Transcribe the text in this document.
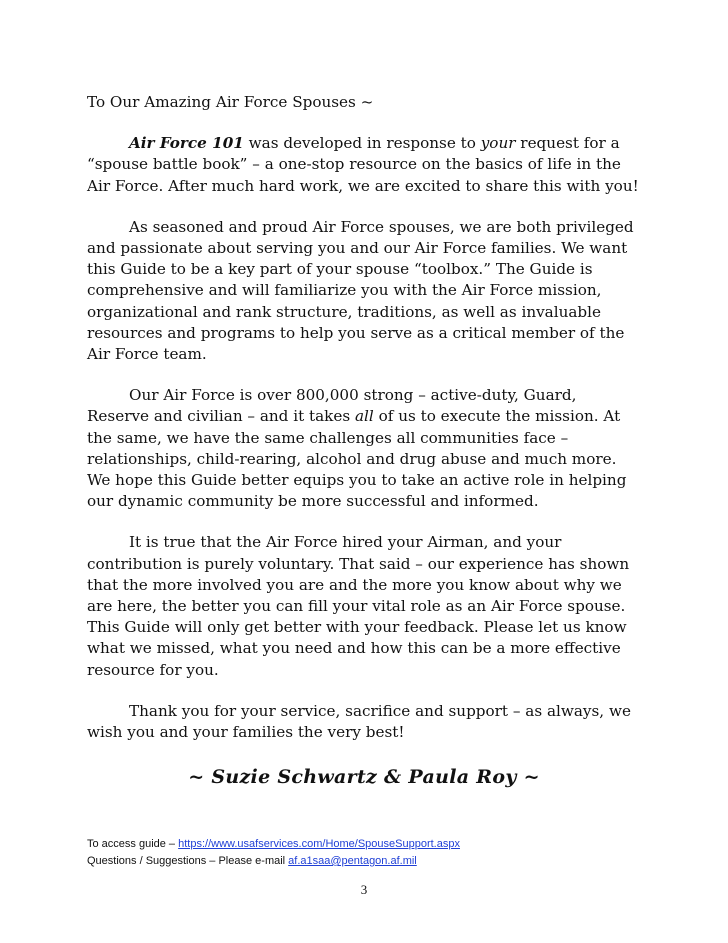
To Our Amazing Air Force Spouses ~

Air Force 101 was developed in response to your request for a “spouse battle book” – a one-stop resource on the basics of life in the Air Force. After much hard work, we are excited to share this with you!

As seasoned and proud Air Force spouses, we are both privileged and passionate about serving you and our Air Force families. We want this Guide to be a key part of your spouse “toolbox.” The Guide is comprehensive and will familiarize you with the Air Force mission, organizational and rank structure, traditions, as well as invaluable resources and programs to help you serve as a critical member of the Air Force team.

Our Air Force is over 800,000 strong – active-duty, Guard, Reserve and civilian – and it takes all of us to execute the mission. At the same, we have the same challenges all communities face – relationships, child-rearing, alcohol and drug abuse and much more. We hope this Guide better equips you to take an active role in helping our dynamic community be more successful and informed.

It is true that the Air Force hired your Airman, and your contribution is purely voluntary. That said – our experience has shown that the more involved you are and the more you know about why we are here, the better you can fill your vital role as an Air Force spouse. This Guide will only get better with your feedback. Please let us know what we missed, what you need and how this can be a more effective resource for you.

Thank you for your service, sacrifice and support – as always, we wish you and your families the very best!

~ Suzie Schwartz & Paula Roy ~
To access guide – https://www.usafservices.com/Home/SpouseSupport.aspx
Questions / Suggestions – Please e-mail af.a1saa@pentagon.af.mil
3
